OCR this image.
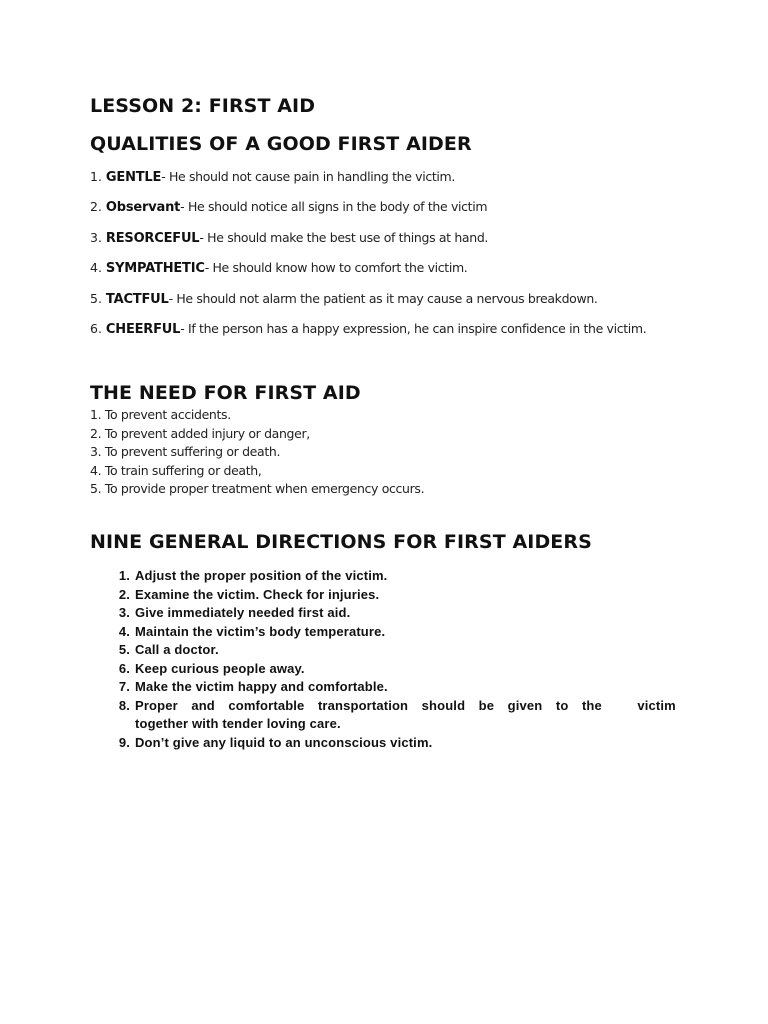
LESSON 2: FIRST AID
QUALITIES OF A GOOD FIRST AIDER
1. GENTLE- He should not cause pain in handling the victim.
2. Observant- He should notice all signs in the body of the victim
3. RESORCEFUL- He should make the best use of things at hand.
4. SYMPATHETIC- He should know how to comfort the victim.
5. TACTFUL- He should not alarm the patient as it may cause a nervous breakdown.
6. CHEERFUL- If the person has a happy expression, he can inspire confidence in the victim.
THE NEED FOR FIRST AID
1. To prevent accidents.
2. To prevent added injury or danger,
3. To prevent suffering or death.
4. To train suffering or death,
5. To provide proper treatment when emergency occurs.
NINE GENERAL DIRECTIONS FOR FIRST AIDERS
1. Adjust the proper position of the victim.
2. Examine the victim. Check for injuries.
3. Give immediately needed first aid.
4. Maintain the victim’s body temperature.
5. Call a doctor.
6. Keep curious people away.
7. Make the victim happy and comfortable.
8. Proper and comfortable transportation should be given to the	victim
together with tender loving care.
9. Don’t give any liquid to an unconscious victim.
